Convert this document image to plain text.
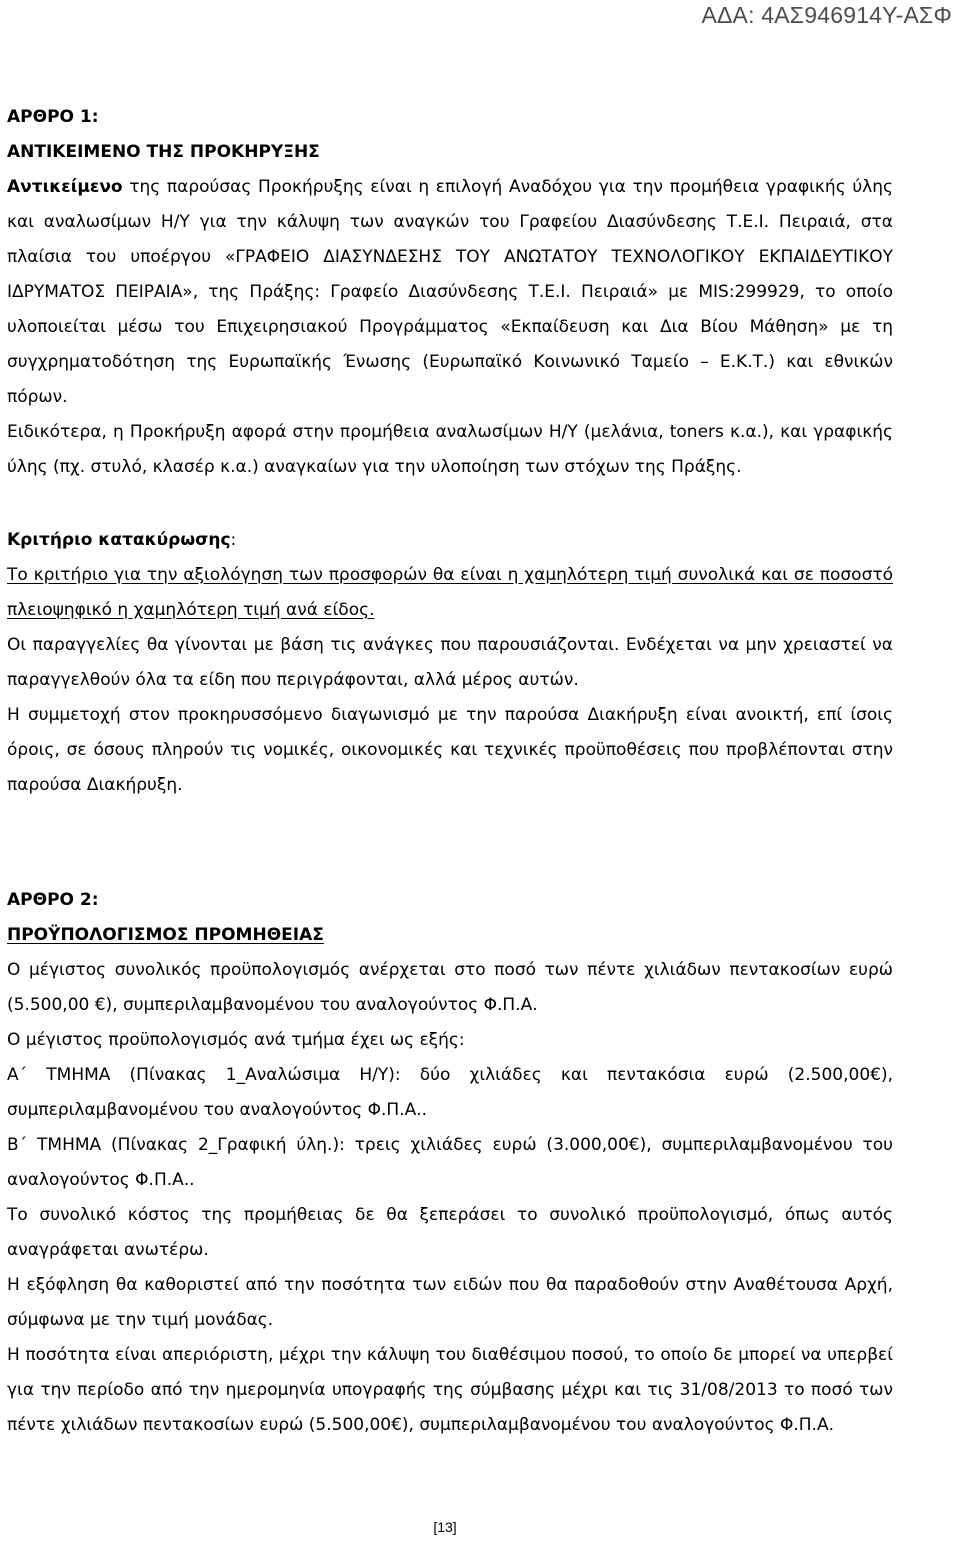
ΑΔΑ: 4ΑΣ946914Υ-ΑΣΦ

ΑΡΘΡΟ 1:

ΑΝΤΙΚΕΙΜΕΝΟ ΤΗΣ ΠΡΟΚΗΡΥΞΗΣ

Αντικείμενο της παρούσας Προκήρυξης είναι η επιλογή Αναδόχου για την προμήθεια γραφικής ύλης και αναλωσίμων Η/Υ για την κάλυψη των αναγκών του Γραφείου Διασύνδεσης Τ.Ε.Ι. Πειραιά, στα πλαίσια του υποέργου «ΓΡΑΦΕΙΟ ΔΙΑΣΥΝΔΕΣΗΣ ΤΟΥ ΑΝΩΤΑΤΟΥ ΤΕΧΝΟΛΟΓΙΚΟΥ ΕΚΠΑΙΔΕΥΤΙΚΟΥ ΙΔΡΥΜΑΤΟΣ ΠΕΙΡΑΙΑ», της Πράξης: Γραφείο Διασύνδεσης Τ.Ε.Ι. Πειραιά» με MIS:299929, το οποίο υλοποιείται μέσω του Επιχειρησιακού Προγράμματος «Εκπαίδευση και Δια Βίου Μάθηση» με τη συγχρηματοδότηση της Ευρωπαϊκής Ένωσης (Ευρωπαϊκό Κοινωνικό Ταμείο – Ε.Κ.Τ.) και εθνικών πόρων.

Ειδικότερα, η Προκήρυξη αφορά στην προμήθεια αναλωσίμων Η/Υ (μελάνια, toners κ.α.), και γραφικής ύλης (πχ. στυλό, κλασέρ κ.α.) αναγκαίων για την υλοποίηση των στόχων της Πράξης.

Κριτήριο κατακύρωσης:

Το κριτήριο για την αξιολόγηση των προσφορών θα είναι η χαμηλότερη τιμή συνολικά και σε ποσοστό πλειοψηφικό η χαμηλότερη τιμή ανά είδος.

Οι παραγγελίες θα γίνονται με βάση τις ανάγκες που παρουσιάζονται. Ενδέχεται να μην χρειαστεί να παραγγελθούν όλα τα είδη που περιγράφονται, αλλά μέρος αυτών.

Η συμμετοχή στον προκηρυσσόμενο διαγωνισμό με την παρούσα Διακήρυξη είναι ανοικτή, επί ίσοις όροις, σε όσους πληρούν τις νομικές, οικονομικές και τεχνικές προϋποθέσεις που προβλέπονται στην παρούσα Διακήρυξη.

ΑΡΘΡΟ 2:

ΠΡΟΫΠΟΛΟΓΙΣΜΟΣ ΠΡΟΜΗΘΕΙΑΣ

Ο μέγιστος συνολικός προϋπολογισμός ανέρχεται στο ποσό των πέντε χιλιάδων πεντακοσίων ευρώ (5.500,00 €), συμπεριλαμβανομένου του αναλογούντος Φ.Π.Α.

Ο μέγιστος προϋπολογισμός ανά τμήμα έχει ως εξής:

Α΄ ΤΜΗΜΑ (Πίνακας 1_Αναλώσιμα Η/Υ): δύο χιλιάδες και πεντακόσια ευρώ (2.500,00€), συμπεριλαμβανομένου του αναλογούντος Φ.Π.Α..

Β΄ ΤΜΗΜΑ (Πίνακας 2_Γραφική ύλη.): τρεις χιλιάδες ευρώ (3.000,00€), συμπεριλαμβανομένου του αναλογούντος Φ.Π.Α..

Το συνολικό κόστος της προμήθειας δε θα ξεπεράσει το συνολικό προϋπολογισμό, όπως αυτός αναγράφεται ανωτέρω.

Η εξόφληση θα καθοριστεί από την ποσότητα των ειδών που θα παραδοθούν στην Αναθέτουσα Αρχή, σύμφωνα με την τιμή μονάδας.

Η ποσότητα είναι απεριόριστη, μέχρι την κάλυψη του διαθέσιμου ποσού, το οποίο δε μπορεί να υπερβεί για την περίοδο από την ημερομηνία υπογραφής της σύμβασης μέχρι και τις 31/08/2013 το ποσό των πέντε χιλιάδων πεντακοσίων ευρώ (5.500,00€), συμπεριλαμβανομένου του αναλογούντος Φ.Π.Α.

[13]
